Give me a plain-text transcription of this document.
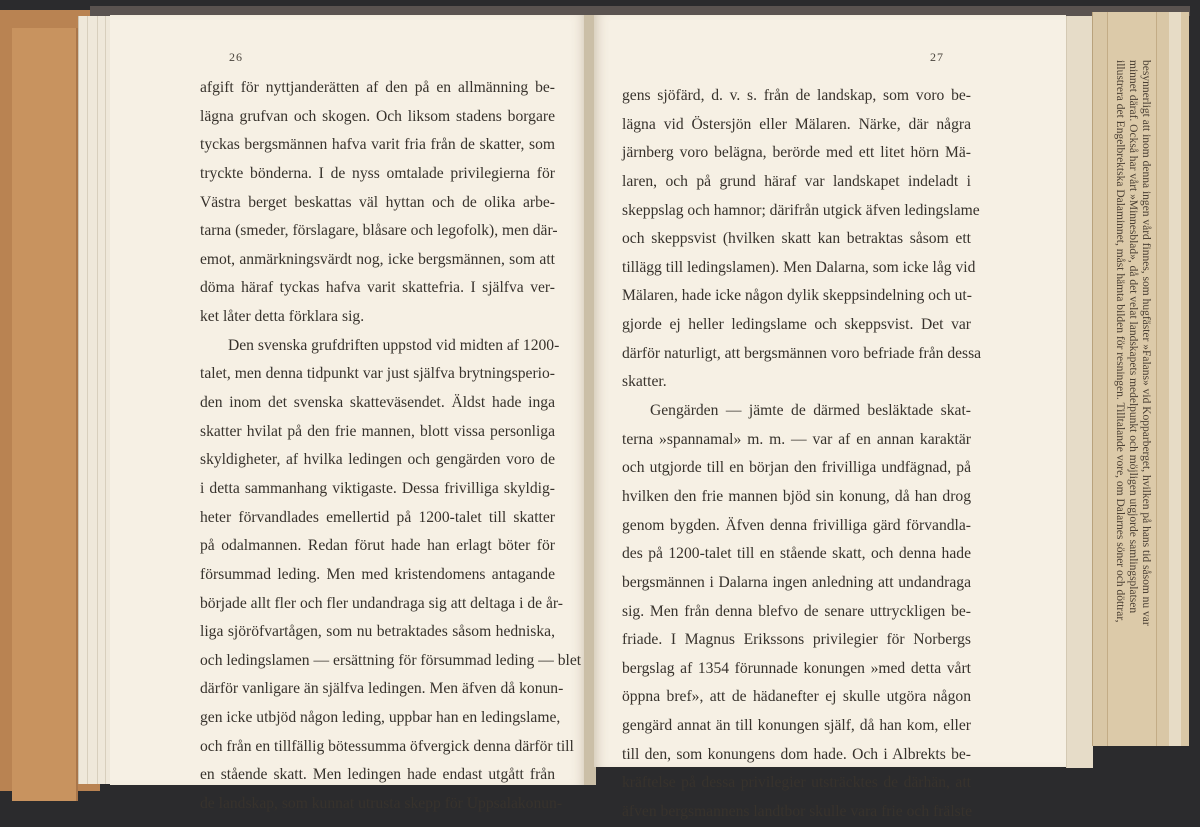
26
afgift för nyttjanderätten af den på en allmänning be-
lägna grufvan och skogen. Och liksom stadens borgare
tyckas bergsmännen hafva varit fria från de skatter, som
tryckte bönderna. I de nyss omtalade privilegierna för
Västra berget beskattas väl hyttan och de olika arbe-
tarna (smeder, förslagare, blåsare och legofolk), men där-
emot, anmärkningsvärdt nog, icke bergsmännen, som att
döma häraf tyckas hafva varit skattefria. I själfva ver-
ket låter detta förklara sig.
Den svenska grufdriften uppstod vid midten af 1200-
talet, men denna tidpunkt var just själfva brytningsperio-
den inom det svenska skatteväsendet. Äldst hade inga
skatter hvilat på den frie mannen, blott vissa personliga
skyldigheter, af hvilka ledingen och gengärden voro de
i detta sammanhang viktigaste. Dessa frivilliga skyldig-
heter förvandlades emellertid på 1200-talet till skatter
på odalmannen. Redan förut hade han erlagt böter för
försummad leding. Men med kristendomens antagande
började allt fler och fler undandraga sig att deltaga i de år-
liga sjöröfvartågen, som nu betraktades såsom hedniska,
och ledingslamen — ersättning för försummad leding — blet
därför vanligare än själfva ledingen. Men äfven då konun-
gen icke utbjöd någon leding, uppbar han en ledingslame,
och från en tillfällig bötessumma öfvergick denna därför till
en stående skatt. Men ledingen hade endast utgått från
de landskap, som kunnat utrusta skepp för Uppsalakonun-
27
gens sjöfärd, d. v. s. från de landskap, som voro be-
lägna vid Östersjön eller Mälaren. Närke, där några
järnberg voro belägna, berörde med ett litet hörn Mä-
laren, och på grund häraf var landskapet indeladt i
skeppslag och hamnor; därifrån utgick äfven ledingslame
och skeppsvist (hvilken skatt kan betraktas såsom ett
tillägg till ledingslamen). Men Dalarna, som icke låg vid
Mälaren, hade icke någon dylik skeppsindelning och ut-
gjorde ej heller ledingslame och skeppsvist. Det var
därför naturligt, att bergsmännen voro befriade från dessa
skatter.
Gengärden — jämte de därmed besläktade skat-
terna »spannamal» m. m. — var af en annan karaktär
och utgjorde till en början den frivilliga undfägnad, på
hvilken den frie mannen bjöd sin konung, då han drog
genom bygden. Äfven denna frivilliga gärd förvandla-
des på 1200-talet till en stående skatt, och denna hade
bergsmännen i Dalarna ingen anledning att undandraga
sig. Men från denna blefvo de senare uttryckligen be-
friade. I Magnus Erikssons privilegier för Norbergs
bergslag af 1354 förunnade konungen »med detta vårt
öppna bref», att de hädanefter ej skulle utgöra någon
gengärd annat än till konungen själf, då han kom, eller
till den, som konungens dom hade. Och i Albrekts be-
kräftelse på dessa privilegier utsträcktes de därhän, att
äfven bergsmannens landtbor skulle vara frie och frälste
besynnerligt att inom denna ingen vård finnes, som hugfäster »Falans» vid Kopparberget, hvilken på hans tid såsom nu var
minnet däraf. Också har vårt »Minnesblad», då det velat landskapets medelpunkt och möjligen utgjorde samlingsplatsen
illustrera det Engelbrektska Dalaminnet, måst hämta bilden för resningen. Tilltalande vore, om Dalarnes söner och döttrar,
